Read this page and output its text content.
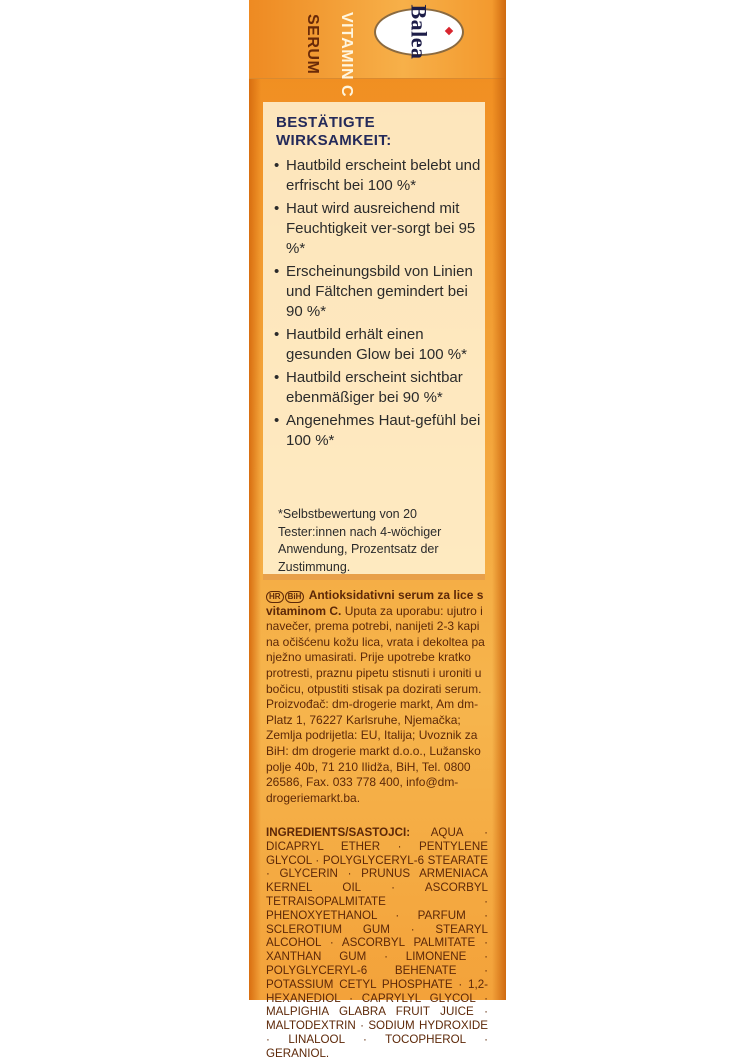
Balea
VITAMIN C
SERUM
BESTÄTIGTE WIRKSAMKEIT:
• Hautbild erscheint belebt und erfrischt bei 100 %*
• Haut wird ausreichend mit Feuchtigkeit ver-sorgt bei 95 %*
• Erscheinungsbild von Linien und Fältchen gemindert bei 90 %*
• Hautbild erhält einen gesunden Glow bei 100 %*
• Hautbild erscheint sichtbar ebenmäßiger bei 90 %*
• Angenehmes Haut-gefühl bei 100 %*
*Selbstbewertung von 20 Tester:innen nach 4-wöchiger Anwendung, Prozentsatz der Zustimmung.
HR BiH Antioksidativni serum za lice s vitaminom C. Uputa za uporabu: ujutro i navečer, prema potrebi, nanijeti 2-3 kapi na očišćenu kožu lica, vrata i dekoltea pa nježno umasirati. Prije upotrebe kratko protresti, praznu pipetu stisnuti i uroniti u bočicu, otpustiti stisak pa dozirati serum. Proizvođač: dm-drogerie markt, Am dm-Platz 1, 76227 Karlsruhe, Njemačka; Zemlja podrijetla: EU, Italija; Uvoznik za BiH: dm drogerie markt d.o.o., Lužansko polje 40b, 71 210 Ilidža, BiH, Tel. 0800 26586, Fax. 033 778 400, info@dm-drogeriemarkt.ba.
INGREDIENTS/SASTOJCI: AQUA · DICAPRYL ETHER · PENTYLENE GLYCOL · POLYGLYCERYL-6 STEARATE · GLYCERIN · PRUNUS ARMENIACA KERNEL OIL · ASCORBYL TETRAISOPALMITATE · PHENOXYETHANOL · PARFUM · SCLEROTIUM GUM · STEARYL ALCOHOL · ASCORBYL PALMITATE · XANTHAN GUM · LIMONENE · POLYGLYCERYL-6 BEHENATE · POTASSIUM CETYL PHOSPHATE · 1,2-HEXANEDIOL · CAPRYLYL GLYCOL · MALPIGHIA GLABRA FRUIT JUICE · MALTODEXTRIN · SODIUM HYDROXIDE · LINALOOL · TOCOPHEROL · GERANIOL.
